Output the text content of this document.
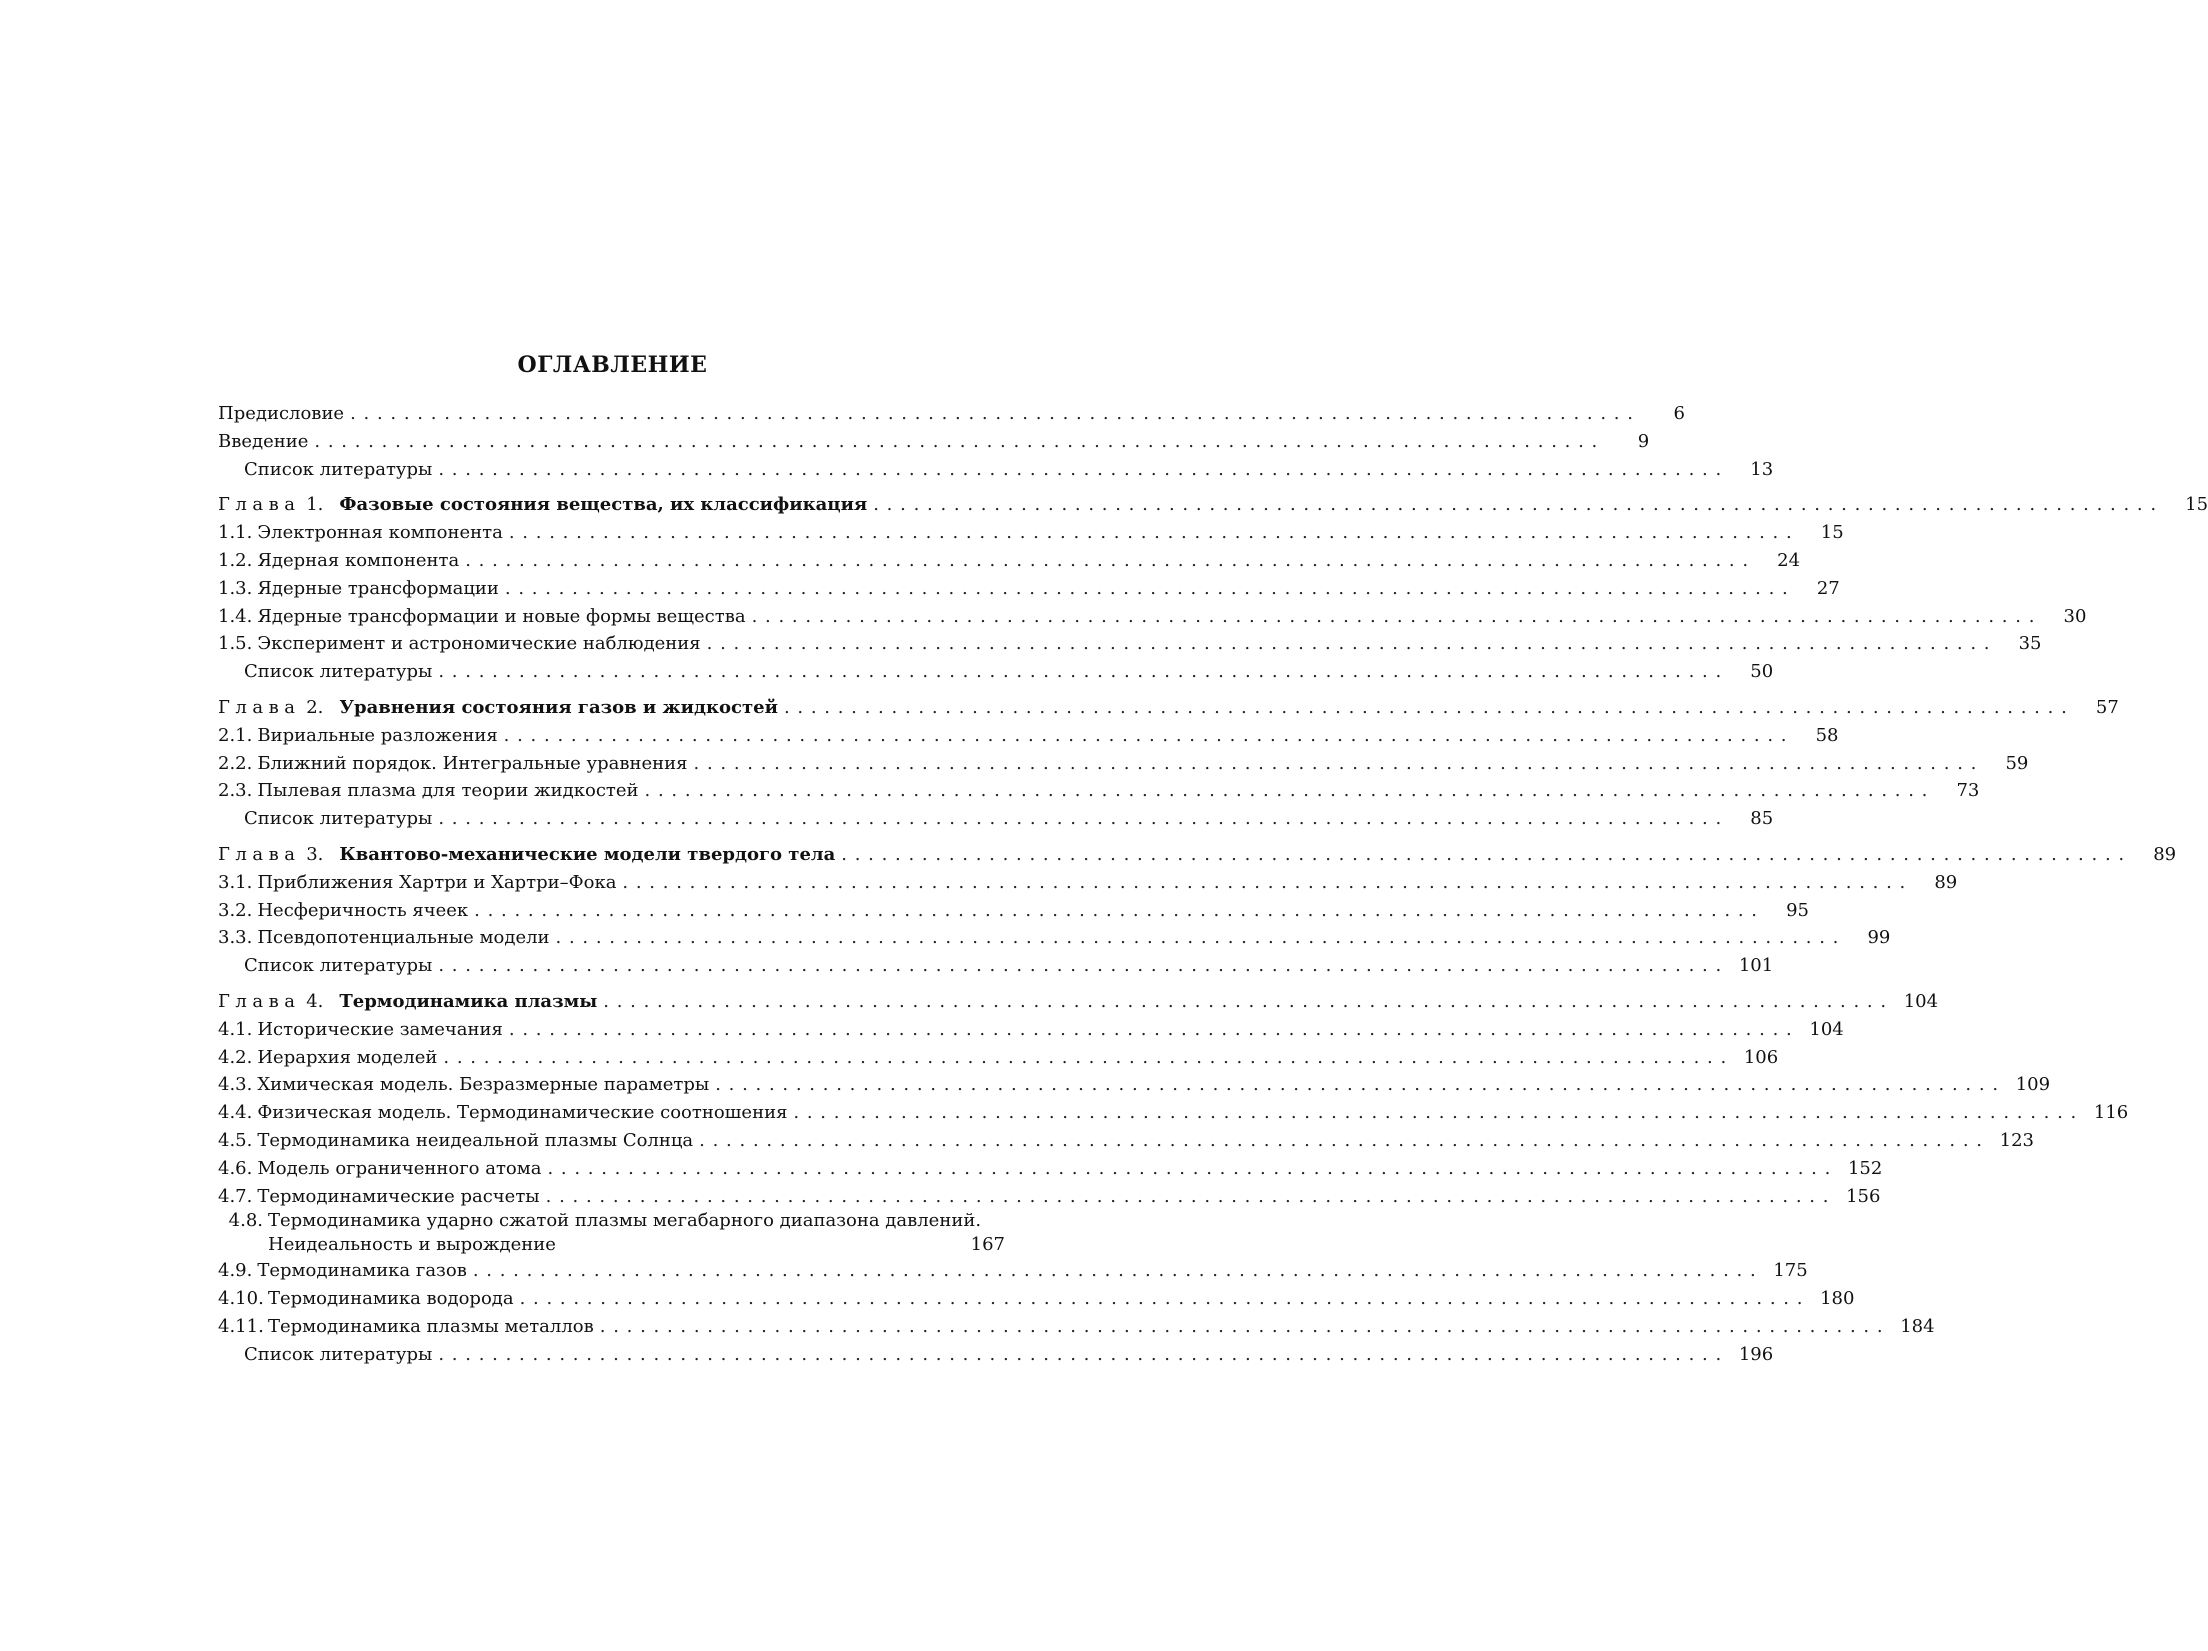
ОГЛАВЛЕНИЕ
Предисловие . . .	6
Введение . . .	9
Список литературы . . .	13
Глава 1. Фазовые состояния вещества, их классификация . . .	15
1.1. Электронная компонента . . .	15
1.2. Ядерная компонента . . .	24
1.3. Ядерные трансформации . . .	27
1.4. Ядерные трансформации и новые формы вещества . . .	30
1.5. Эксперимент и астрономические наблюдения . . .	35
Список литературы . . .	50
Глава 2. Уравнения состояния газов и жидкостей . . .	57
2.1. Вириальные разложения . . .	58
2.2. Ближний порядок. Интегральные уравнения . . .	59
2.3. Пылевая плазма для теории жидкостей . . .	73
Список литературы . . .	85
Глава 3. Квантово-механические модели твердого тела . . .	89
3.1. Приближения Хартри и Хартри–Фока . . .	89
3.2. Несферичность ячеек . . .	95
3.3. Псевдопотенциальные модели . . .	99
Список литературы . . .	101
Глава 4. Термодинамика плазмы . . .	104
4.1. Исторические замечания . . .	104
4.2. Иерархия моделей . . .	106
4.3. Химическая модель. Безразмерные параметры . . .	109
4.4. Физическая модель. Термодинамические соотношения . . .	116
4.5. Термодинамика неидеальной плазмы Солнца . . .	123
4.6. Модель ограниченного атома . . .	152
4.7. Термодинамические расчеты . . .	156
4.8. Термодинамика ударно сжатой плазмы мегабарного диапазона давлений.
Неидеальность и вырождение	167
4.9. Термодинамика газов . . .	175
4.10. Термодинамика водорода . . .	180
4.11. Термодинамика плазмы металлов . . .	184
Список литературы . . .	196
